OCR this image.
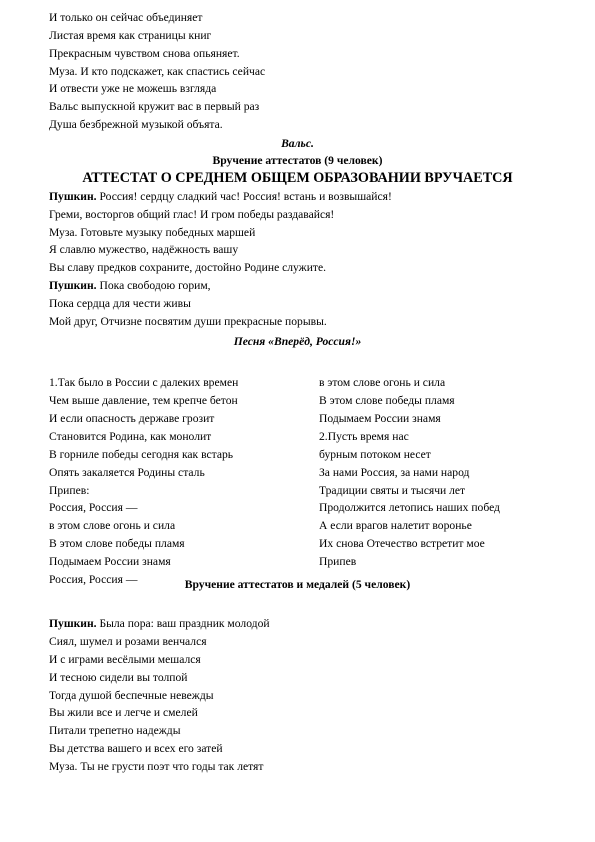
И только он сейчас объединяет
Листая время как страницы книг
Прекрасным чувством снова опьяняет.
Муза. И кто подскажет, как спастись сейчас
И отвести уже не можешь взгляда
Вальс выпускной кружит вас в первый раз
Душа безбрежной музыкой объята.
Вальс.
Вручение аттестатов (9 человек)
АТТЕСТАТ О СРЕДНЕМ ОБЩЕМ ОБРАЗОВАНИИ ВРУЧАЕТСЯ
Пушкин. Россия! сердцу сладкий час! Россия! встань и возвышайся!
Греми, восторгов общий глас! И гром победы раздавайся!
Муза. Готовьте музыку победных маршей
Я славлю мужество, надёжность вашу
Вы славу предков сохраните, достойно Родине служите.
Пушкин. Пока свободою горим,
Пока сердца для чести живы
Мой друг, Отчизне посвятим души прекрасные порывы.
Песня «Вперёд, Россия!»
1.Так было в России с далеких времен
Чем выше давление, тем крепче бетон
И если опасность державе грозит
Становится Родина, как монолит
В горниле победы сегодня как встарь
Опять закаляется Родины сталь
Припев:
Россия, Россия —
в этом слове огонь и сила
В этом слове победы пламя
Подымаем России знамя
Россия, Россия —
в этом слове огонь и сила
В этом слове победы пламя
Подымаем России знамя
2.Пусть время нас
бурным потоком несет
За нами Россия, за нами народ
Традиции святы и тысячи лет
Продолжится летопись наших побед
А если врагов налетит воронье
Их снова Отечество встретит мое
Припев
Вручение аттестатов и медалей (5 человек)
Пушкин. Была пора: ваш праздник молодой
Сиял, шумел и розами венчался
И с играми весёлыми мешался
И тесною сидели вы толпой
Тогда душой беспечные невежды
Вы жили все и легче и смелей
Питали трепетно надежды
Вы детства вашего и всех его затей
Муза. Ты не грусти поэт что годы так летят
